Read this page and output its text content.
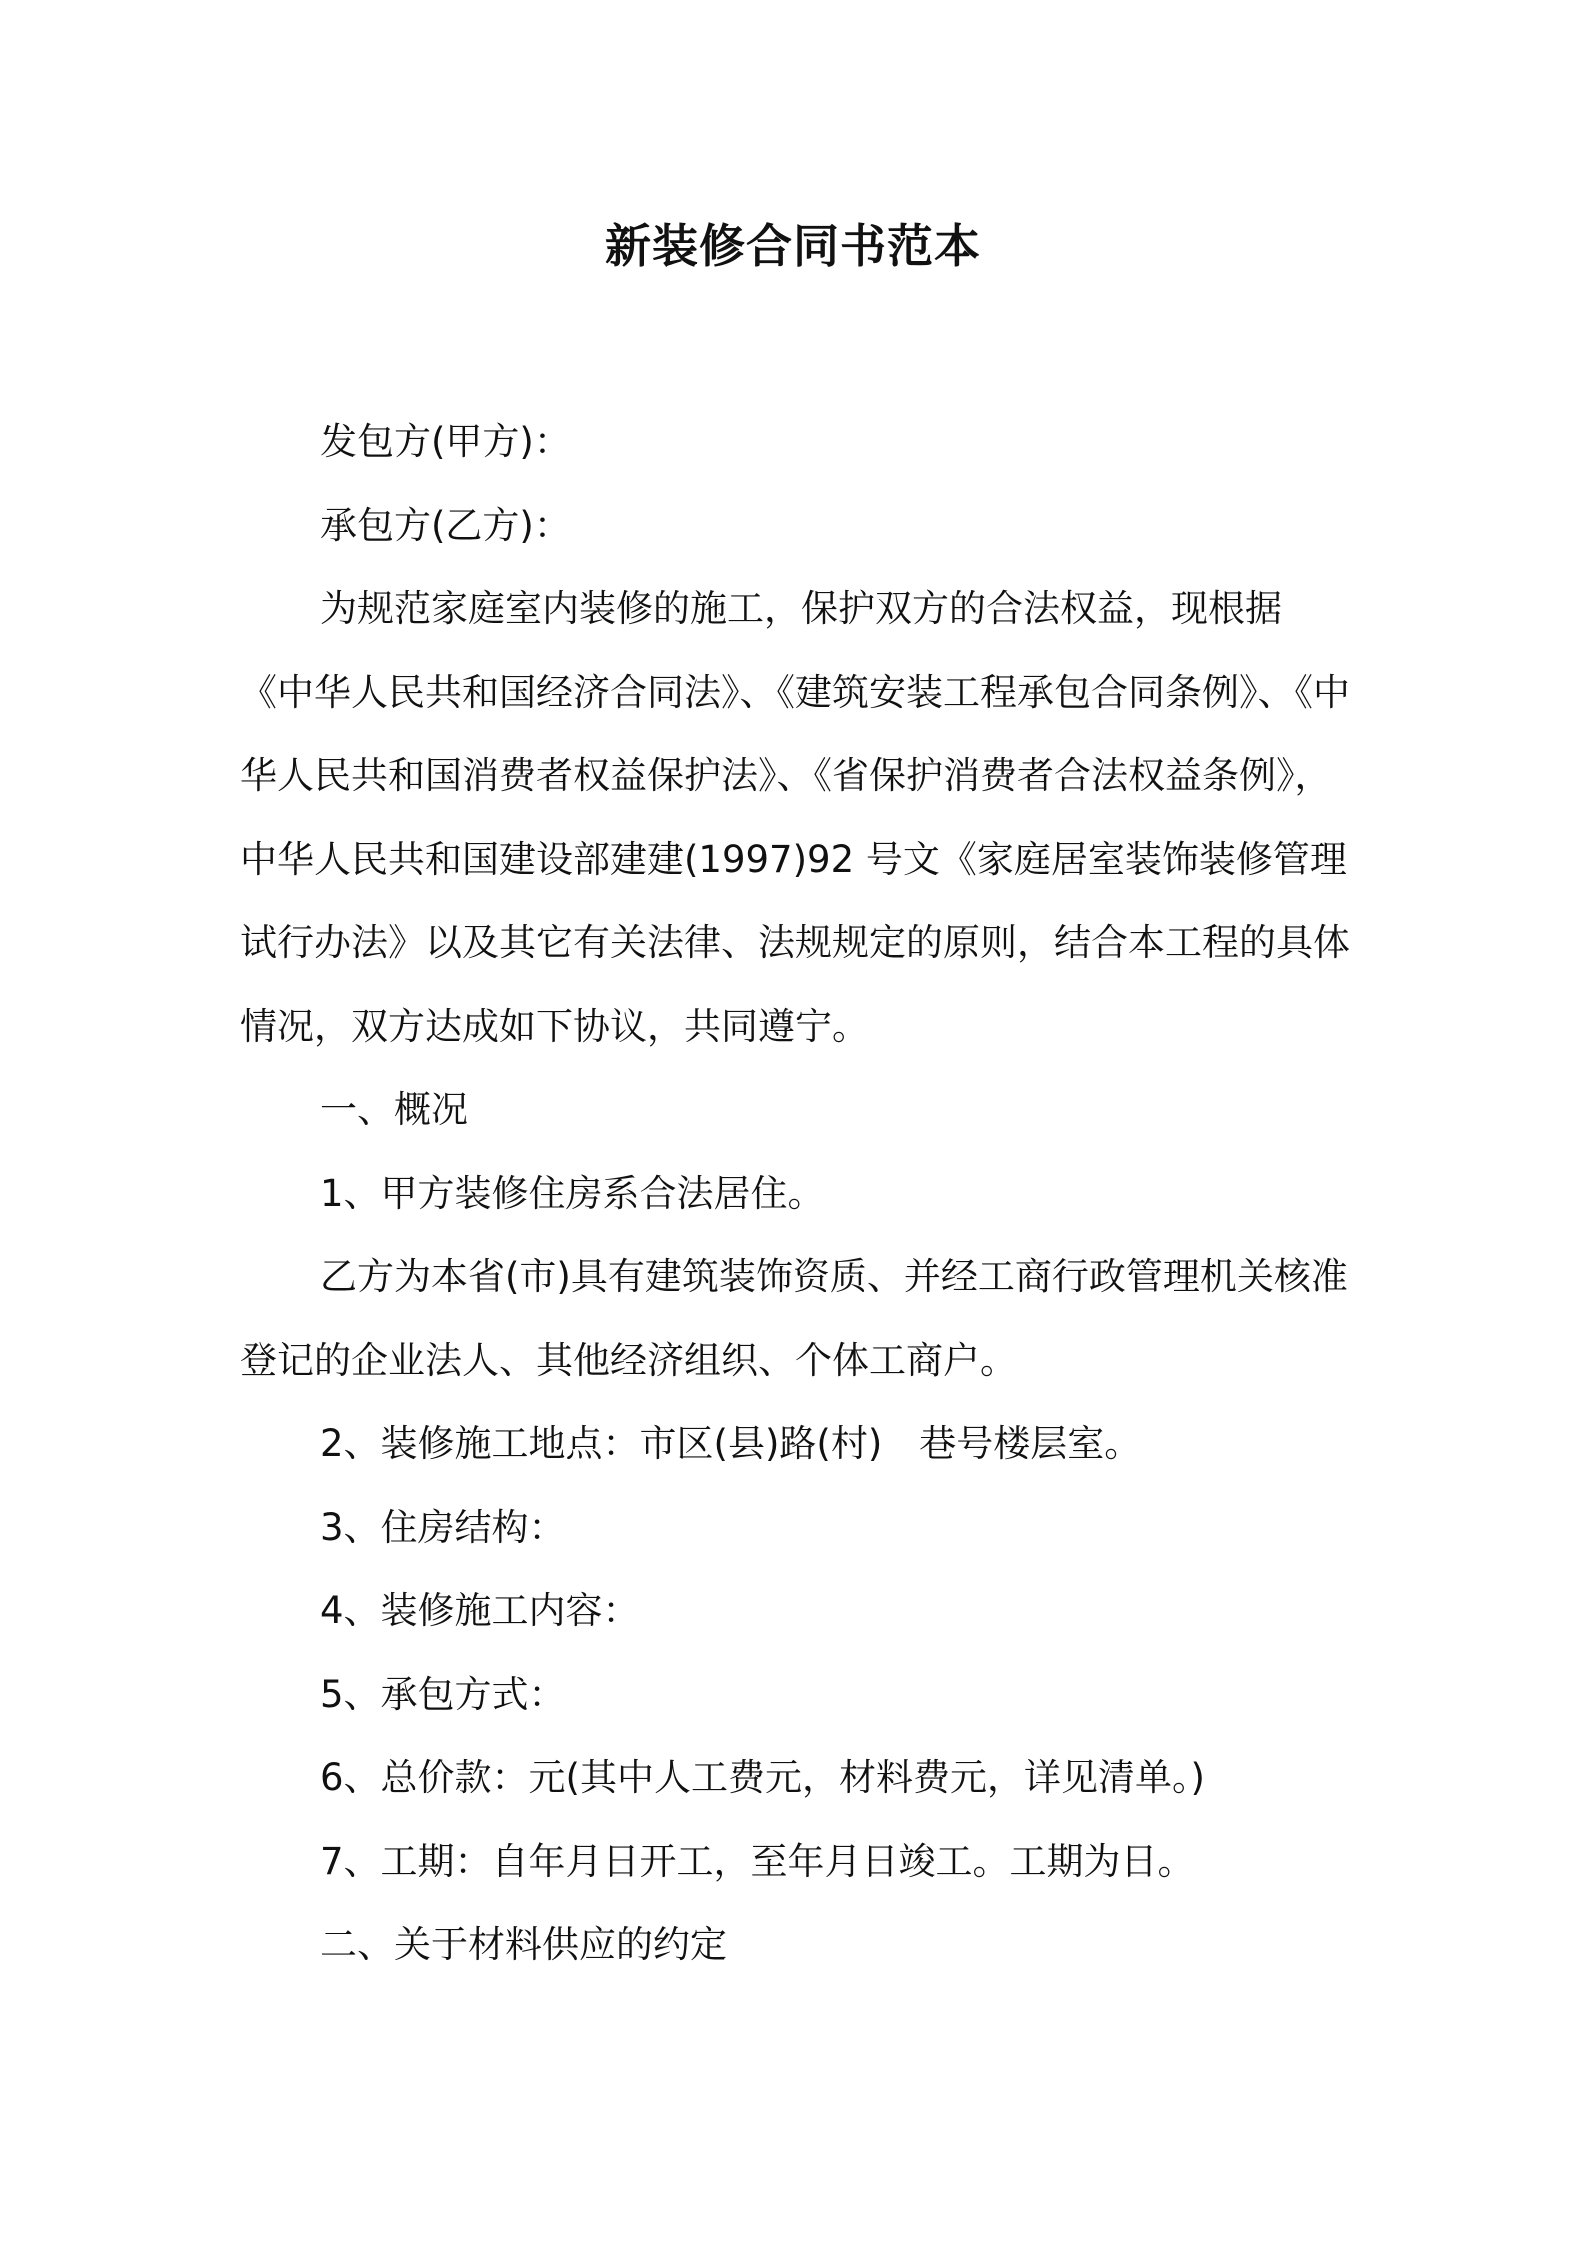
新装修合同书范本

发包方(甲方)：

承包方(乙方)：

为规范家庭室内装修的施工，保护双方的合法权益，现根据《中华人民共和国经济合同法》、《建筑安装工程承包合同条例》、《中华人民共和国消费者权益保护法》、《省保护消费者合法权益条例》，中华人民共和国建设部建建(1997)92 号文《家庭居室装饰装修管理试行办法》以及其它有关法律、法规规定的原则，结合本工程的具体情况，双方达成如下协议，共同遵宁。

一、概况

1、甲方装修住房系合法居住。

乙方为本省(市)具有建筑装饰资质、并经工商行政管理机关核准登记的企业法人、其他经济组织、个体工商户。

2、装修施工地点：市区(县)路(村)　巷号楼层室。

3、住房结构：

4、装修施工内容：

5、承包方式：

6、总价款：元(其中人工费元，材料费元，详见清单。)

7、工期：自年月日开工，至年月日竣工。工期为日。

二、关于材料供应的约定
